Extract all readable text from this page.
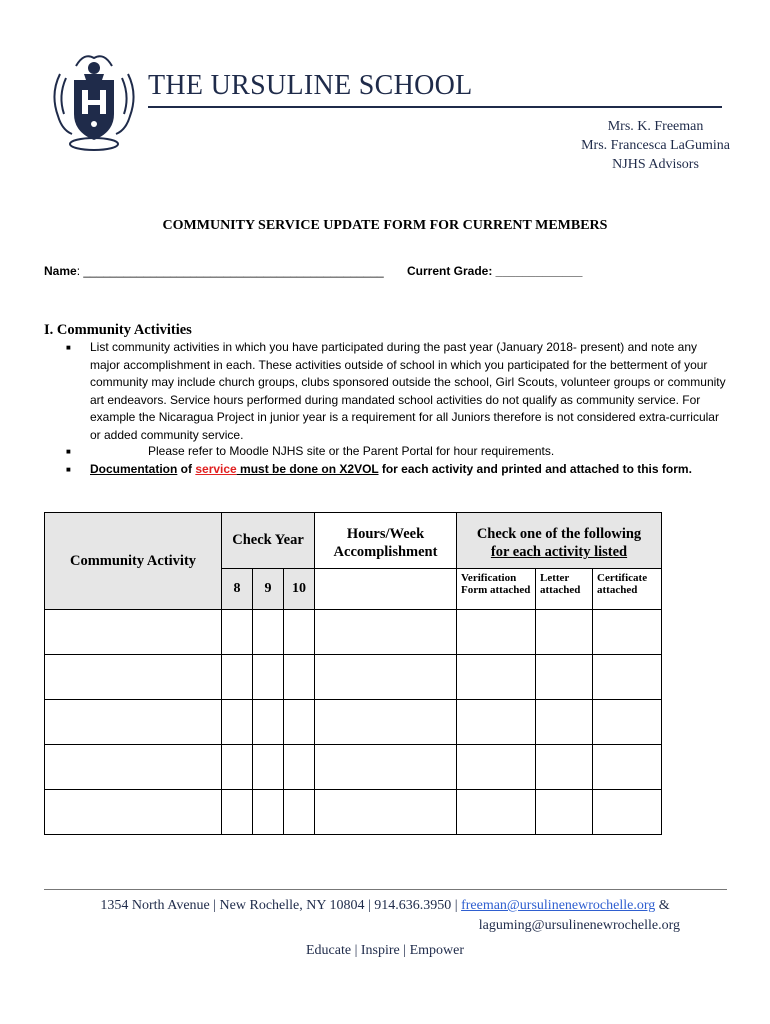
THE URSULINE SCHOOL
Mrs. K. Freeman
Mrs. Francesca LaGumina
NJHS Advisors
COMMUNITY SERVICE UPDATE FORM FOR CURRENT MEMBERS
Name: _____________________________________________ Current Grade: _____________
I. Community Activities
■ List community activities in which you have participated during the past year (January 2018- present) and note any major accomplishment in each. These activities outside of school in which you participated for the betterment of your community may include church groups, clubs sponsored outside the school, Girl Scouts, volunteer groups or community art endeavors. Service hours performed during mandated school activities do not qualify as community service. For example the Nicaragua Project in junior year is a requirement for all Juniors therefore is not considered extra-curricular or added community service.
■	Please refer to Moodle NJHS site or the Parent Portal for hour requirements.
■ Documentation of service must be done on X2VOL for each activity and printed and attached to this form.
Community Activity	Check Year			Hours/Week Accomplishment	Check one of the following
for each activity listed		

	8	9	10		Verification Form attached	Letter attached	Certificate attached

1354 North Avenue | New Rochelle, NY 10804 | 914.636.3950 | freeman@ursulinenewrochelle.org &
laguming@ursulinenewrochelle.org
Educate | Inspire | Empower
